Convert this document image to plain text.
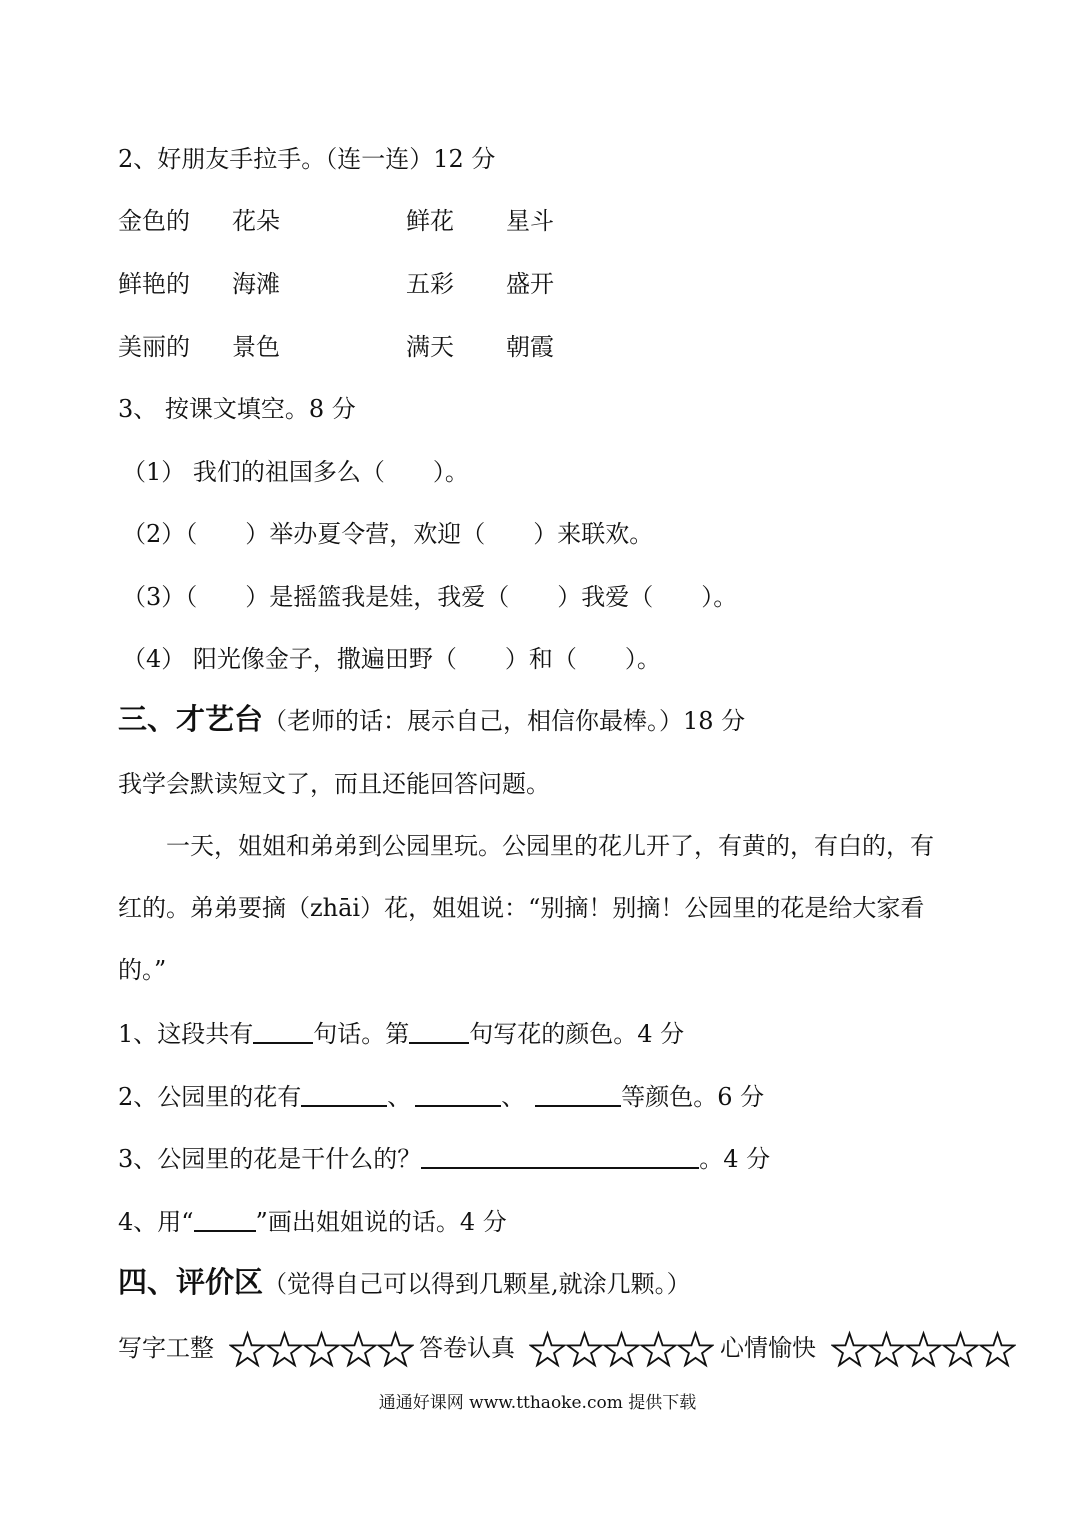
2、好朋友手拉手。（连一连）12 分
金色的 花朵	鲜花 星斗
鲜艳的 海滩	五彩 盛开
美丽的 景色	满天 朝霞
3、 按课文填空。8 分
（1） 我们的祖国多么（　　）。
（2）（　　）举办夏令营，欢迎（　　）来联欢。
（3）（　　）是摇篮我是娃，我爱（　　）我爱（　　）。
（4） 阳光像金子，撒遍田野（　　）和（　　）。
三、才艺台（老师的话：展示自己，相信你最棒。）18 分
我学会默读短文了，而且还能回答问题。
　　一天，姐姐和弟弟到公园里玩。公园里的花儿开了，有黄的，有白的，有
红的。弟弟要摘（zhāi）花，姐姐说：“别摘！别摘！公园里的花是给大家看
的。”
1、这段共有	句话。第	句写花的颜色。4 分
2、公园里的花有	、	、	等颜色。6 分
3、公园里的花是干什么的？	。4 分
4、用“	”画出姐姐说的话。4 分
四、评价区（觉得自己可以得到几颗星,就涂几颗。）
写字工整	答卷认真	心情愉快
通通好课网 www.tthaoke.com 提供下载
